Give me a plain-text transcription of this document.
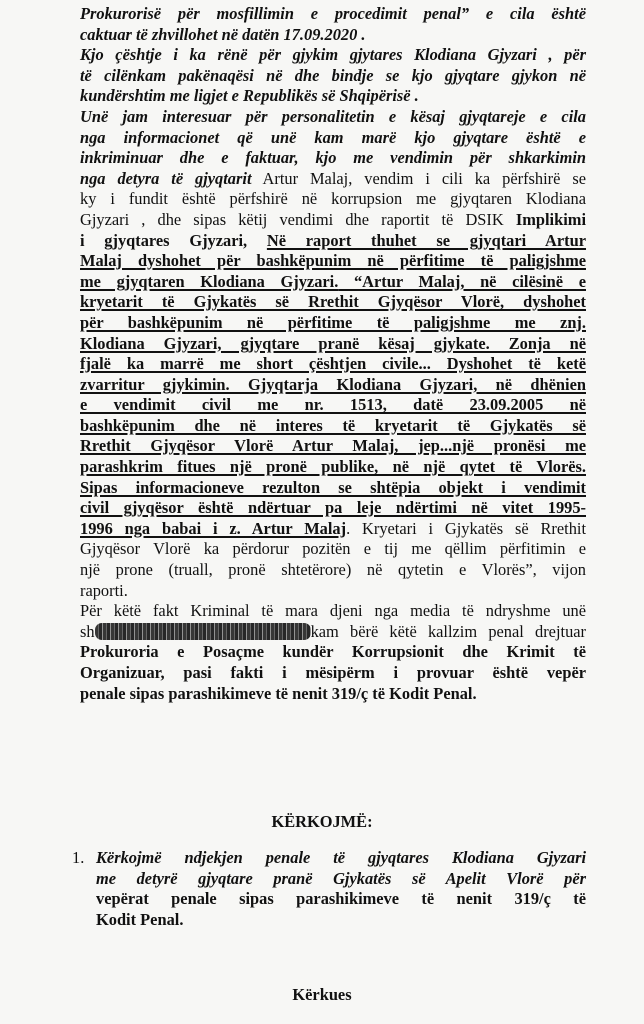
Prokurorisë për mosfillimin e procedimit penal” e cila është

caktuar të zhvillohet në datën 17.09.2020 .

Kjo çështje i ka rënë për gjykim gjytares Klodiana Gjyzari , për

të cilënkam pakënaqësi në dhe bindje se kjo gjyqtare gjykon në

kundërshtim me ligjet e Republikës së Shqipërisë .

Unë jam interesuar për personalitetin e kësaj gjyqtareje e cila

nga informacionet që unë kam marë kjo gjyqtare është e

inkriminuar dhe e faktuar, kjo me vendimin për shkarkimin

nga detyra të gjyqtarit Artur Malaj, vendim i cili ka përfshirë se

ky i fundit është përfshirë në korrupsion me gjyqtaren Klodiana

Gjyzari , dhe sipas këtij vendimi dhe raportit të DSIK Implikimi

i gjyqtares Gjyzari, Në raport thuhet se gjyqtari Artur

Malaj dyshohet për bashkëpunim në përfitime të paligjshme

me gjyqtaren Klodiana Gjyzari. “Artur Malaj, në cilësinë e

kryetarit të Gjykatës së Rrethit Gjyqësor Vlorë, dyshohet

për bashkëpunim në përfitime të paligjshme me znj.

Klodiana Gjyzari, gjyqtare pranë kësaj gjykate. Zonja në

fjalë ka marrë me short çështjen civile... Dyshohet të ketë

zvarritur gjykimin. Gjyqtarja Klodiana Gjyzari, në dhënien

e vendimit civil me nr. 1513, datë 23.09.2005 në

bashkëpunim dhe në interes të kryetarit të Gjykatës së

Rrethit Gjyqësor Vlorë Artur Malaj, jep...një pronësi me

parashkrim fitues një pronë publike, në një qytet të Vlorës.

Sipas informacioneve rezulton se shtëpia objekt i vendimit

civil gjyqësor është ndërtuar pa leje ndërtimi në vitet 1995-

1996 nga babai i z. Artur Malaj. Kryetari i Gjykatës së Rrethit

Gjyqësor Vlorë ka përdorur pozitën e tij me qëllim përfitimin e

një prone (truall, pronë shtetërore) në qytetin e Vlorës”, vijon

raporti.

Për këtë fakt Kriminal të mara djeni nga media të ndryshme unë

sh	kam bërë këtë kallzim penal drejtuar

Prokuroria e Posaçme kundër Korrupsionit dhe Krimit të

Organizuar, pasi fakti i mësipërm i provuar është vepër

penale sipas parashikimeve të nenit 319/ç të Kodit Penal.

KËRKOJMË:
1. Kërkojmë ndjekjen penale të gjyqtares Klodiana Gjyzari

me detyrë gjyqtare pranë Gjykatës së Apelit Vlorë për

vepërat penale sipas parashikimeve të nenit 319/ç të

Kodit Penal.

Kërkues
